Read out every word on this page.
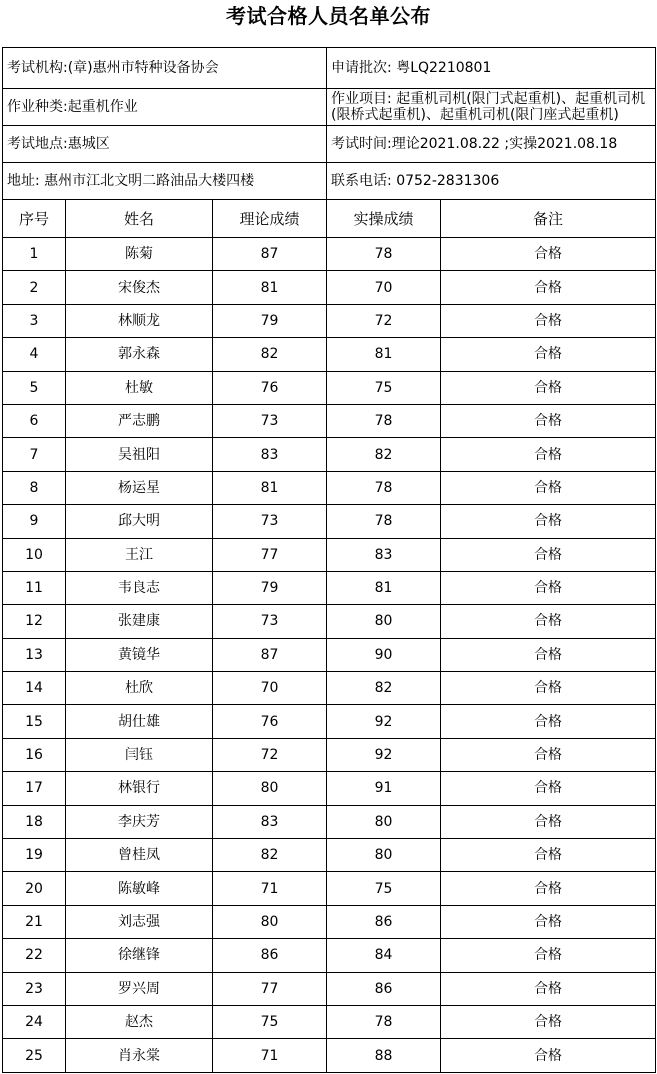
考试合格人员名单公布
考试机构:(章)惠州市特种设备协会			申请批次: 粤LQ2210801	
作业种类:起重机作业			作业项目: 起重机司机(限门式起重机)、起重机司机(限桥式起重机)、起重机司机(限门座式起重机)	
考试地点:惠城区			考试时间:理论2021.08.22 ;实操2021.08.18	
地址: 惠州市江北文明二路油品大楼四楼			联系电话: 0752-2831306	
序号	姓名	理论成绩	实操成绩	备注
1	陈菊	87	78	合格
2	宋俊杰	81	70	合格
3	林顺龙	79	72	合格
4	郭永森	82	81	合格
5	杜敏	76	75	合格
6	严志鹏	73	78	合格
7	吴祖阳	83	82	合格
8	杨运星	81	78	合格
9	邱大明	73	78	合格
10	王江	77	83	合格
11	韦良志	79	81	合格
12	张建康	73	80	合格
13	黄镜华	87	90	合格
14	杜欣	70	82	合格
15	胡仕雄	76	92	合格
16	闫钰	72	92	合格
17	林银行	80	91	合格
18	李庆芳	83	80	合格
19	曾桂凤	82	80	合格
20	陈敏峰	71	75	合格
21	刘志强	80	86	合格
22	徐继锋	86	84	合格
23	罗兴周	77	86	合格
24	赵杰	75	78	合格
25	肖永棠	71	88	合格
